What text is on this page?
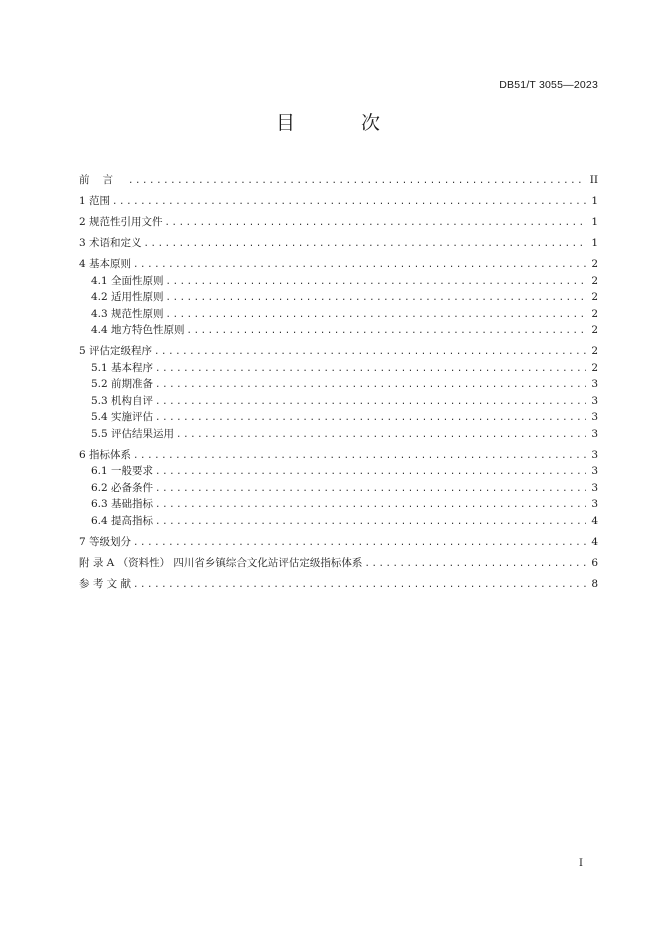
DB51/T 3055—2023
目 次
前言 .....	II
1 范围 .....	1
2 规范性引用文件 .....	1
3 术语和定义 .....	1
4 基本原则 .....	2
4.1 全面性原则 .....	2
4.2 适用性原则 .....	2
4.3 规范性原则 .....	2
4.4 地方特色性原则 .....	2
5 评估定级程序 .....	2
5.1 基本程序 .....	2
5.2 前期准备 .....	3
5.3 机构自评 .....	3
5.4 实施评估 .....	3
5.5 评估结果运用 .....	3
6 指标体系 .....	3
6.1 一般要求 .....	3
6.2 必备条件 .....	3
6.3 基础指标 .....	3
6.4 提高指标 .....	4
7 等级划分 .....	4
附 录 A （资料性） 四川省乡镇综合文化站评估定级指标体系 .....	6
参 考 文 献 .....	8
I
